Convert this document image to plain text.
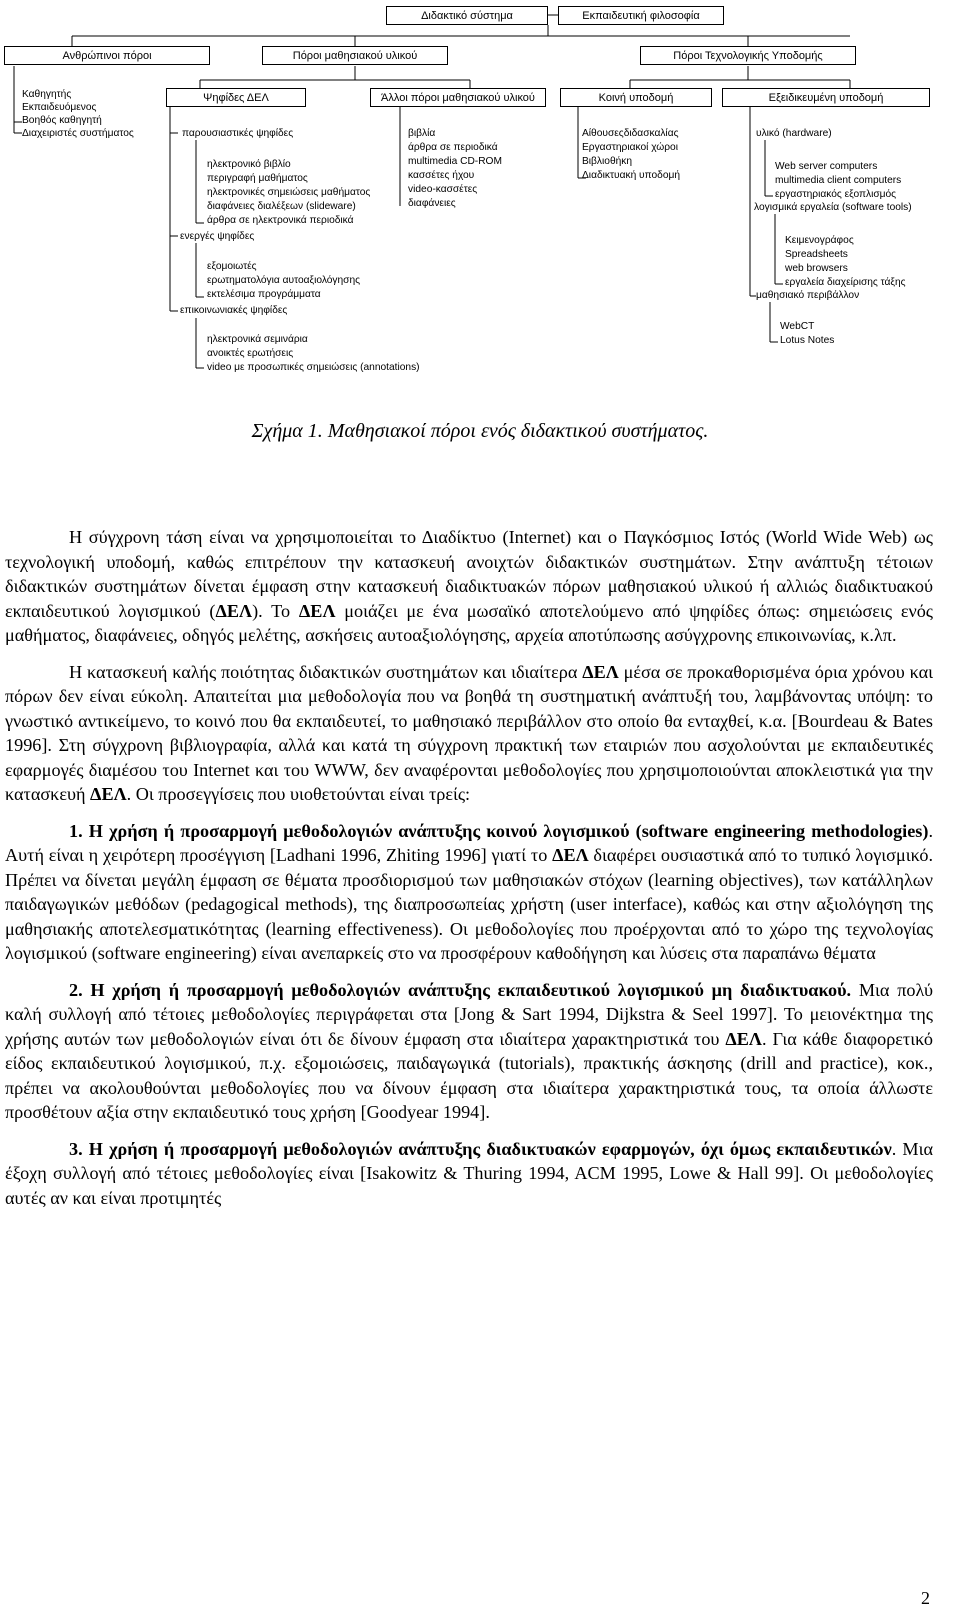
Διδακτικό σύστημα	Εκπαιδευτική φιλοσοφία
Ανθρώπινοι πόροι	Πόροι μαθησιακού υλικού	Πόροι Τεχνολογικής Υποδομής
Καθηγητής
Εκπαιδευόμενος
Βοηθός καθηγητή
Διαχειριστές συστήματος
Ψηφίδες ΔΕΛ
παρουσιαστικές ψηφίδες
ηλεκτρονικό βιβλίο
περιγραφή μαθήματος
ηλεκτρονικές σημειώσεις μαθήματος
διαφάνειες διαλέξεων (slideware)
άρθρα σε ηλεκτρονικά περιοδικά
ενεργές ψηφίδες
εξομοιωτές
ερωτηματολόγια αυτοαξιολόγησης
εκτελέσιμα προγράμματα
επικοινωνιακές ψηφίδες
ηλεκτρονικά σεμινάρια
ανοικτές ερωτήσεις
video με προσωπικές σημειώσεις (annotations)
Άλλοι πόροι μαθησιακού υλικού
βιβλία
άρθρα σε περιοδικά
multimedia CD-ROM
κασσέτες ήχου
video-κασσέτες
διαφάνειες
Κοινή υποδομή
Αίθουσεςδιδασκαλίας
Εργαστηριακοί χώροι
Βιβλιοθήκη
Διαδικτυακή υποδομή
Εξειδικευμένη υποδομή
υλικό (hardware)
Web server computers
multimedia client computers
εργαστηριακός εξοπλισμός
λογισμικά εργαλεία (software tools)
Κειμενογράφος
Spreadsheets
web browsers
εργαλεία διαχείρισης τάξης
μαθησιακό περιβάλλον
WebCT
Lotus Notes
Σχήμα 1. Μαθησιακοί πόροι ενός διδακτικού συστήματος.

Η σύγχρονη τάση είναι να χρησιμοποιείται το Διαδίκτυο (Internet) και ο Παγκόσμιος Ιστός (World Wide Web) ως τεχνολογική υποδομή, καθώς επιτρέπουν την κατασκευή ανοιχτών διδακτικών συστημάτων. Στην ανάπτυξη τέτοιων διδακτικών συστημάτων δίνεται έμφαση στην κατασκευή διαδικτυακών πόρων μαθησιακού υλικού ή αλλιώς διαδικτυακού εκπαιδευτικού λογισμικού (ΔΕΛ). Το ΔΕΛ μοιάζει με ένα μωσαϊκό αποτελούμενο από ψηφίδες όπως: σημειώσεις ενός μαθήματος, διαφάνειες, οδηγός μελέτης, ασκήσεις αυτοαξιολόγησης, αρχεία αποτύπωσης ασύγχρονης επικοινωνίας, κ.λπ.

Η κατασκευή καλής ποιότητας διδακτικών συστημάτων και ιδιαίτερα ΔΕΛ μέσα σε προκαθορισμένα όρια χρόνου και πόρων δεν είναι εύκολη. Απαιτείται μια μεθοδολογία που να βοηθά τη συστηματική ανάπτυξή του, λαμβάνοντας υπόψη: το γνωστικό αντικείμενο, το κοινό που θα εκπαιδευτεί, το μαθησιακό περιβάλλον στο οποίο θα ενταχθεί, κ.α. [Bourdeau & Bates 1996]. Στη σύγχρονη βιβλιογραφία, αλλά και κατά τη σύγχρονη πρακτική των εταιριών που ασχολούνται με εκπαιδευτικές εφαρμογές διαμέσου του Internet και του WWW, δεν αναφέρονται μεθοδολογίες που χρησιμοποιούνται αποκλειστικά για την κατασκευή ΔΕΛ. Οι προσεγγίσεις που υιοθετούνται είναι τρείς:

1. Η χρήση ή προσαρμογή μεθοδολογιών ανάπτυξης κοινού λογισμικού (software engineering methodologies). Αυτή είναι η χειρότερη προσέγγιση [Ladhani 1996, Zhiting 1996] γιατί το ΔΕΛ διαφέρει ουσιαστικά από το τυπικό λογισμικό. Πρέπει να δίνεται μεγάλη έμφαση σε θέματα προσδιορισμού των μαθησιακών στόχων (learning objectives), των κατάλληλων παιδαγωγικών μεθόδων (pedagogical methods), της διαπροσωπείας χρήστη (user interface), καθώς και στην αξιολόγηση της μαθησιακής αποτελεσματικότητας (learning effectiveness). Οι μεθοδολογίες που προέρχονται από το χώρο της τεχνολογίας λογισμικού (software engineering) είναι ανεπαρκείς στο να προσφέρουν καθοδήγηση και λύσεις στα παραπάνω θέματα

2. Η χρήση ή προσαρμογή μεθοδολογιών ανάπτυξης εκπαιδευτικού λογισμικού μη διαδικτυακού. Μια πολύ καλή συλλογή από τέτοιες μεθοδολογίες περιγράφεται στα [Jong & Sart 1994, Dijkstra & Seel 1997]. Το μειονέκτημα της χρήσης αυτών των μεθοδολογιών είναι ότι δε δίνουν έμφαση στα ιδιαίτερα χαρακτηριστικά του ΔΕΛ. Για κάθε διαφορετικό είδος εκπαιδευτικού λογισμικού, π.χ. εξομοιώσεις, παιδαγωγικά (tutorials), πρακτικής άσκησης (drill and practice), κοκ., πρέπει να ακολουθούνται μεθοδολογίες που να δίνουν έμφαση στα ιδιαίτερα χαρακτηριστικά τους, τα οποία άλλωστε προσθέτουν αξία στην εκπαιδευτικό τους χρήση [Goodyear 1994].

3. Η χρήση ή προσαρμογή μεθοδολογιών ανάπτυξης διαδικτυακών εφαρμογών, όχι όμως εκπαιδευτικών. Μια έξοχη συλλογή από τέτοιες μεθοδολογίες είναι [Isakowitz & Thuring 1994, ACM 1995, Lowe & Hall 99]. Οι μεθοδολογίες αυτές αν και είναι προτιμητές

2
